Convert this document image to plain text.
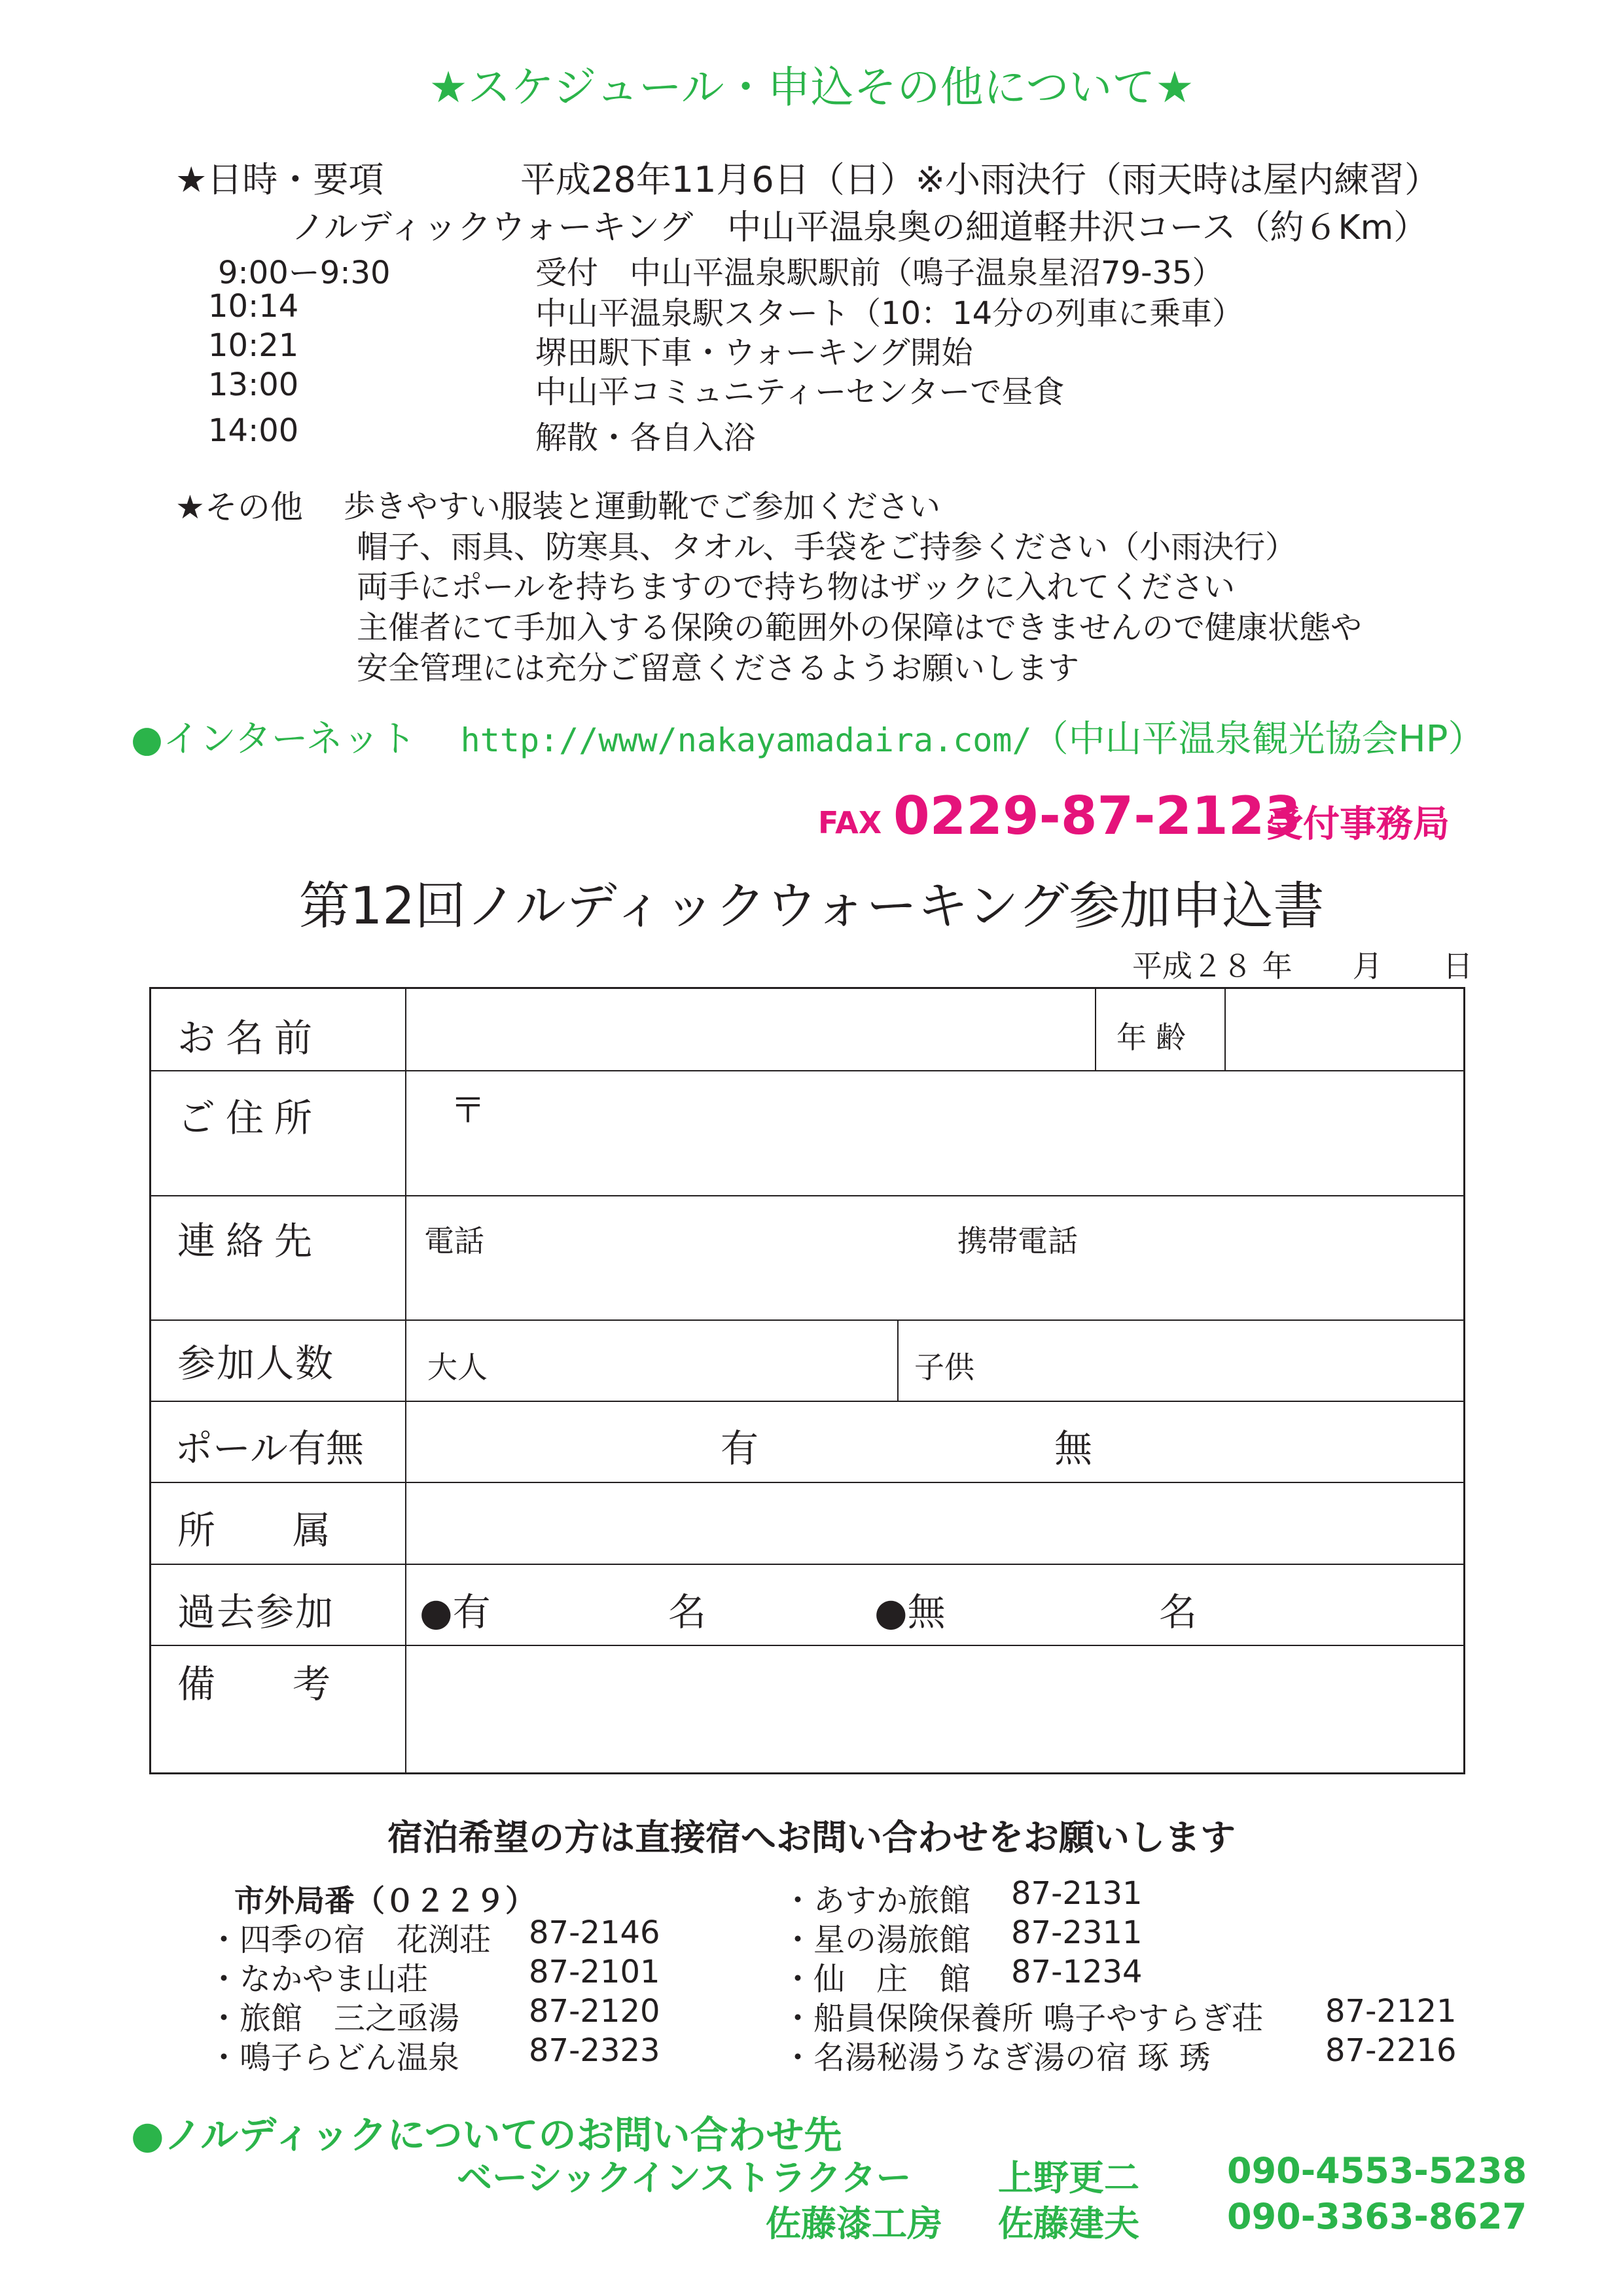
★スケジュール・申込その他について★
★日時・要項	平成28年11月6日（日）※小雨決行（雨天時は屋内練習）
ノルディックウォーキング　中山平温泉奥の細道軽井沢コース（約６Km）
9:00ー9:30	受付　中山平温泉駅駅前（鳴子温泉星沼79-35）
10:14	中山平温泉駅スタート（10：14分の列車に乗車）
10:21	堺田駅下車・ウォーキング開始
13:00	中山平コミュニティーセンターで昼食
14:00	解散・各自入浴
★その他 歩きやすい服装と運動靴でご参加ください
帽子、雨具、防寒具、タオル、手袋をご持参ください（小雨決行）
両手にポールを持ちますので持ち物はザックに入れてください
主催者にて手加入する保険の範囲外の保障はできませんので健康状態や
安全管理には充分ご留意くださるようお願いします
●インターネット http://www/nakayamadaira.com/（中山平温泉観光協会HP）
FAX 0229-87-2123
受付事務局
第12回ノルディックウォーキング参加申込書
平成２８ 年　　月　　日
お名前	年齢
ご住所	〒
連絡先	電話	携帯電話
参加人数	大人	子供
ポール有無	有	無
所　属
過去参加 ●有	名	●無	名
備　考
宿泊希望の方は直接宿へお問い合わせをお願いします
市外局番（０２２９）
・四季の宿　花渕荘 87-2146
・なかやま山荘	87-2101
・旅館　三之亟湯 87-2120
・鳴子らどん温泉 87-2323
・あすか旅館 87-2131
・星の湯旅館 87-2311
・仙　庄　館 87-1234
・船員保険保養所 鳴子やすらぎ荘 87-2121
・名湯秘湯うなぎ湯の宿 琢 琇	87-2216
●ノルディックについてのお問い合わせ先
ベーシックインストラクター 上野更二 090-4553-5238
佐藤漆工房 佐藤建夫 090-3363-8627
